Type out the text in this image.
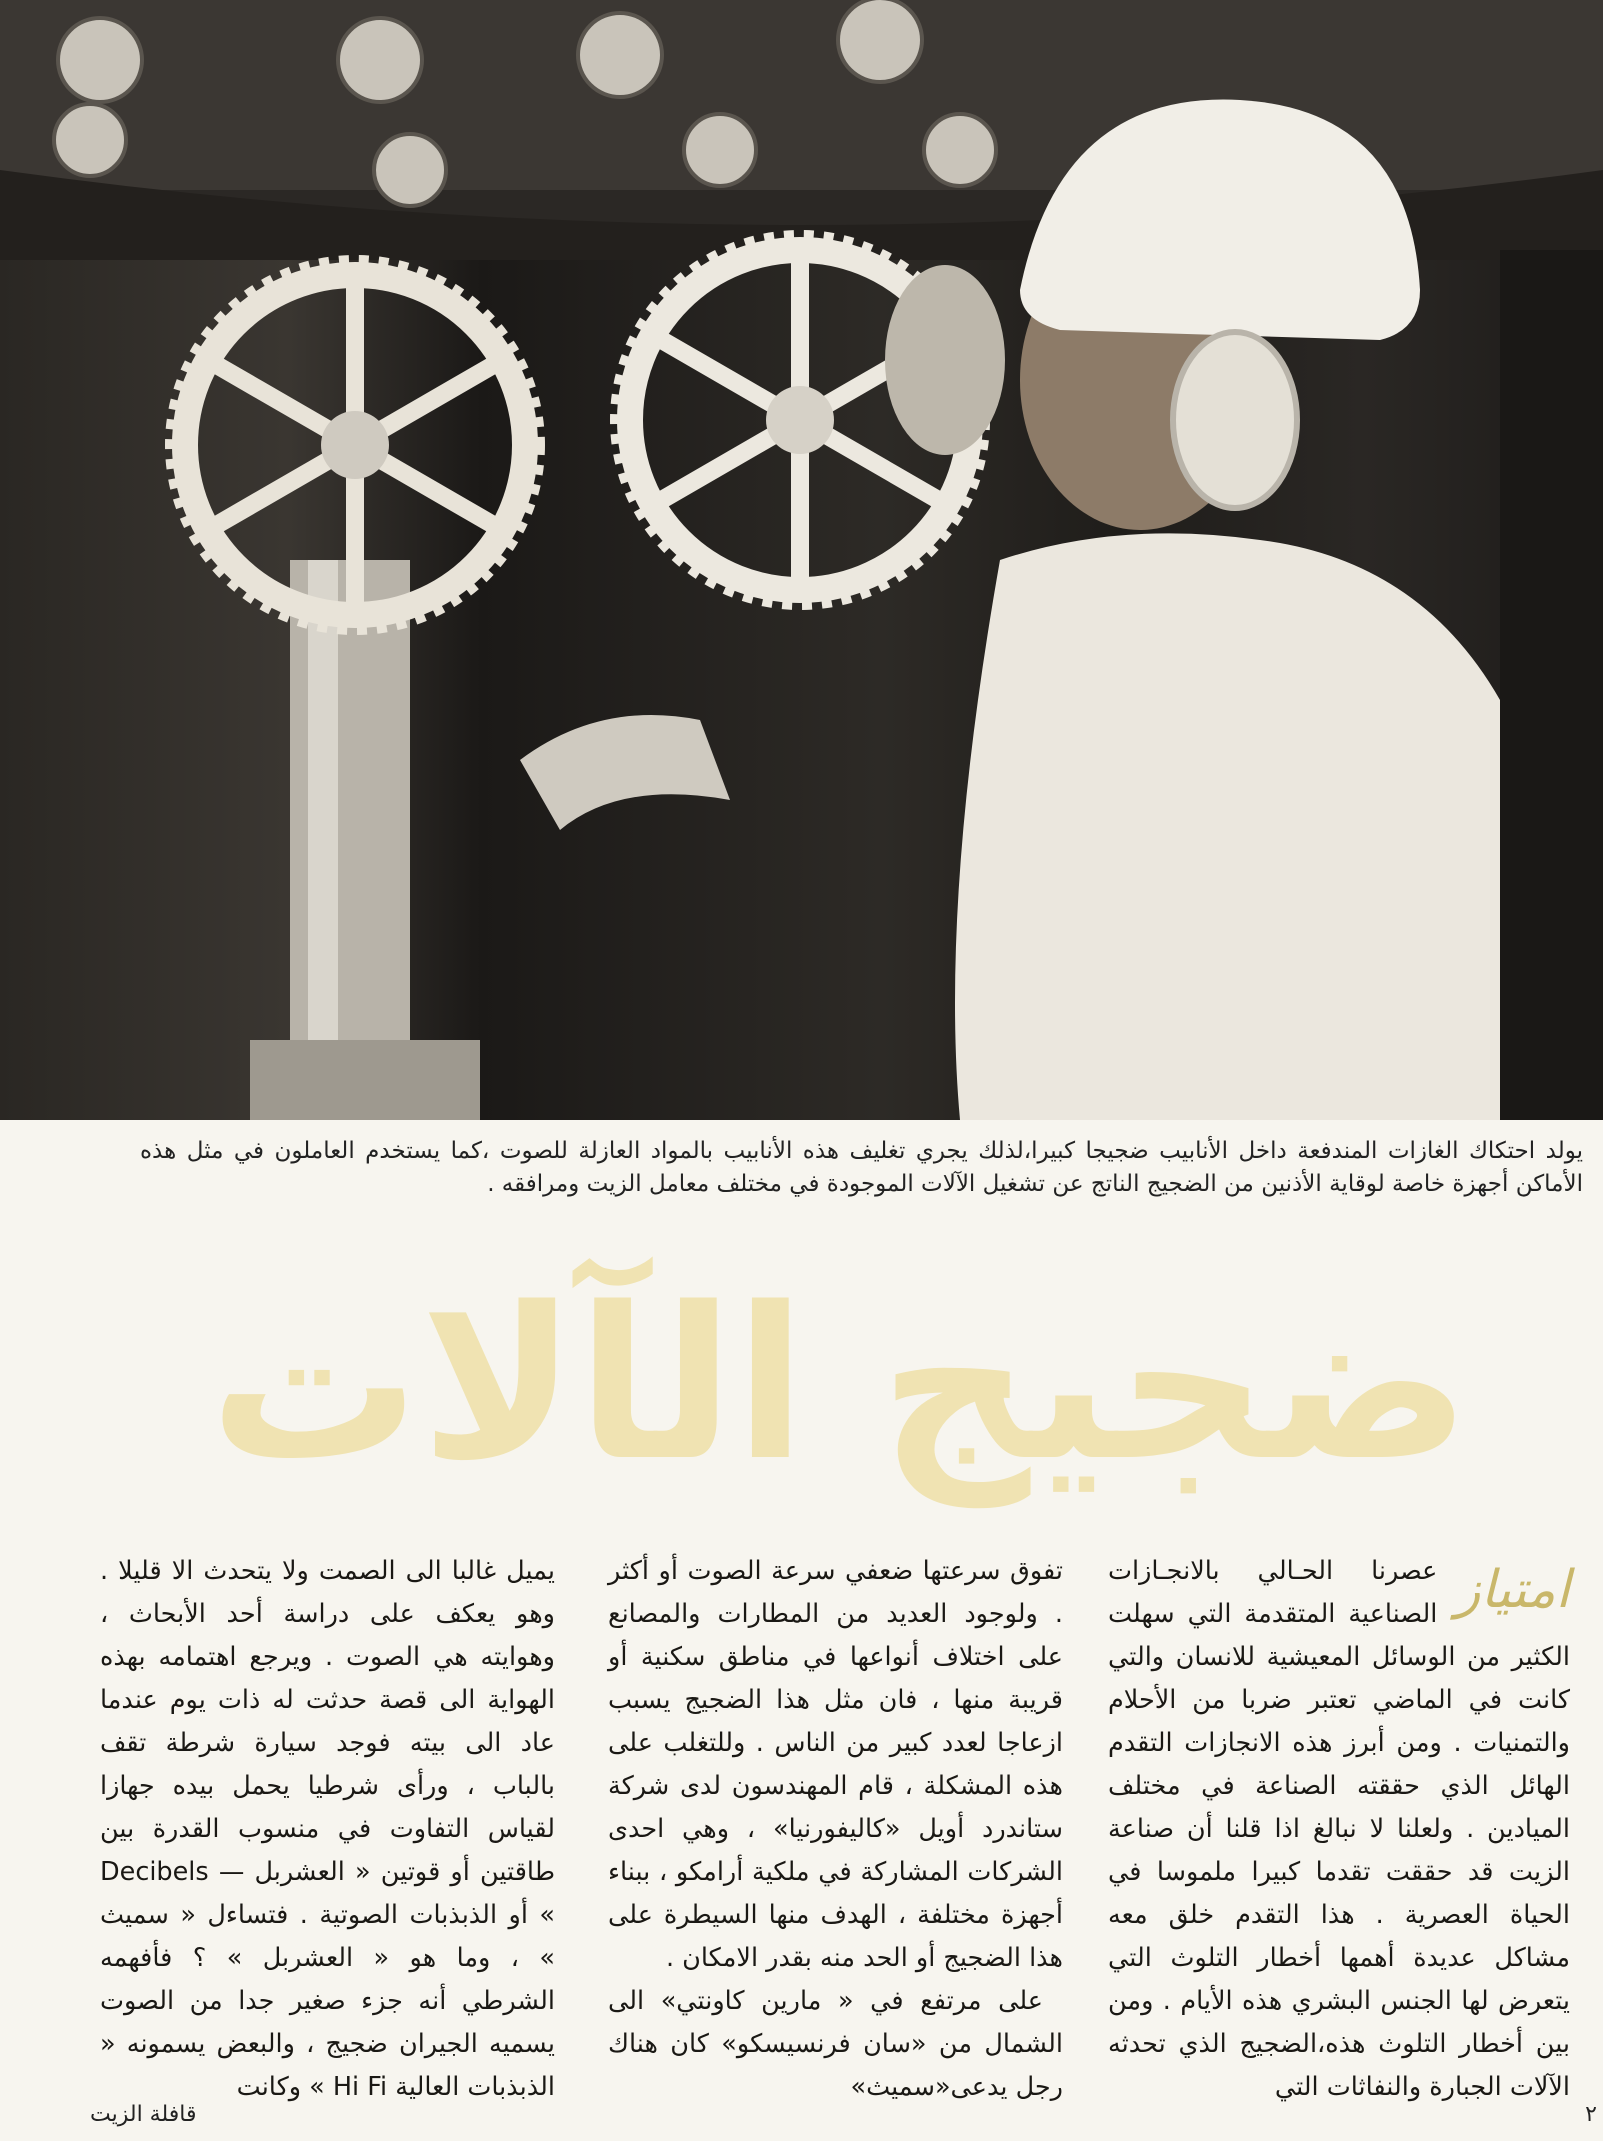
يولد احتكاك الغازات المندفعة داخل الأنابيب ضجيجا كبيرا،لذلك يجري تغليف هذه الأنابيب بالمواد العازلة للصوت ،كما يستخدم العاملون في مثل هذه الأماكن أجهزة خاصة لوقاية الأذنين من الضجيج الناتج عن تشغيل الآلات الموجودة في مختلف معامل الزيت ومرافقه .
ضجيج الآلات
امتياز

عصرنا الحـالي بالانجـازات الصناعية المتقدمة التي سهلت الكثير من الوسائل المعيشية للانسان والتي كانت في الماضي تعتبر ضربا من الأحلام والتمنيات . ومن أبرز هذه الانجازات التقدم الهائل الذي حققته الصناعة في مختلف الميادين . ولعلنا لا نبالغ اذا قلنا أن صناعة الزيت قد حققت تقدما كبيرا ملموسا في الحياة العصرية . هذا التقدم خلق معه مشاكل عديدة أهمها أخطار التلوث التي يتعرض لها الجنس البشري هذه الأيام . ومن بين أخطار التلوث هذه،الضجيج الذي تحدثه الآلات الجبارة والنفاثات التي

تفوق سرعتها ضعفي سرعة الصوت أو أكثر . ولوجود العديد من المطارات والمصانع على اختلاف أنواعها في مناطق سكنية أو قريبة منها ، فان مثل هذا الضجيج يسبب ازعاجا لعدد كبير من الناس . وللتغلب على هذه المشكلة ، قام المهندسون لدى شركة ستاندرد أويل «كاليفورنيا» ، وهي احدى الشركات المشاركة في ملكية أرامكو ، ببناء أجهزة مختلفة ، الهدف منها السيطرة على هذا الضجيج أو الحد منه بقدر الامكان .

على مرتفع في « مارين كاونتي» الى الشمال من «سان فرنسيسكو» كان هناك رجل يدعى«سميث»

يميل غالبا الى الصمت ولا يتحدث الا قليلا . وهو يعكف على دراسة أحد الأبحاث ، وهوايته هي الصوت . ويرجع اهتمامه بهذه الهواية الى قصة حدثت له ذات يوم عندما عاد الى بيته فوجد سيارة شرطة تقف بالباب ، ورأى شرطيا يحمل بيده جهازا لقياس التفاوت في منسوب القدرة بين طاقتين أو قوتين « العشربل — Decibels » أو الذبذبات الصوتية . فتساءل « سميث » ، وما هو « العشربل » ؟ فأفهمه الشرطي أنه جزء صغير جدا من الصوت يسميه الجيران ضجيج ، والبعض يسمونه « الذبذبات العالية Hi Fi » وكانت

قافلة الزيت	٢
